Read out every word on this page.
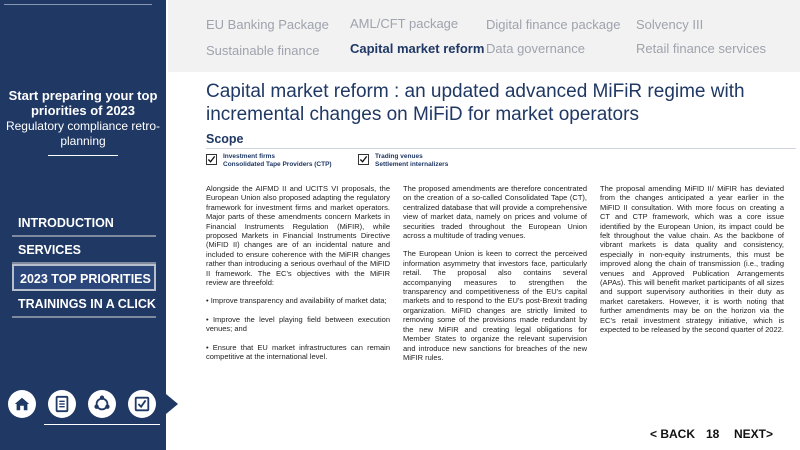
Start preparing your top priorities of 2023
Regulatory compliance retro-planning
INTRODUCTION
SERVICES
2023 TOP PRIORITIES
TRAININGS IN A CLICK
EU Banking Package AML/CFT package Digital finance package Solvency III
Sustainable finance Capital market reform Data governance	Retail finance services
Capital market reform : an updated advanced MiFiR regime with incremental changes on MiFiD for market operators
Scope
Investment firms
Consolidated Tape Providers (CTP)
Trading venues
Settlement internalizers

Alongside the AIFMD II and UCITS VI proposals, the European Union also proposed adapting the regulatory framework for investment firms and market operators. Major parts of these amendments concern Markets in Financial Instruments Regulation (MiFIR), while proposed Markets in Financial Instruments Directive (MiFID II) changes are of an incidental nature and included to ensure coherence with the MiFIR changes rather than introducing a serious overhaul of the MiFID II framework. The EC’s objectives with the MiFIR review are threefold:

• Improve transparency and availability of market data;

• Improve the level playing field between execution venues; and

• Ensure that EU market infrastructures can remain competitive at the international level.

The proposed amendments are therefore concentrated on the creation of a so-called Consolidated Tape (CT), centralized database that will provide a comprehensive view of market data, namely on prices and volume of securities traded throughout the European Union across a multitude of trading venues.

The European Union is keen to correct the perceived information asymmetry that investors face, particularly retail. The proposal also contains several accompanying measures to strengthen the transparency and competitiveness of the EU’s capital markets and to respond to the EU’s post-Brexit trading organization. MiFID changes are strictly limited to removing some of the provisions made redundant by the new MiFIR and creating legal obligations for Member States to organize the relevant supervision and introduce new sanctions for breaches of the new MiFIR rules.

The proposal amending MiFID II/ MiFIR has deviated from the changes anticipated a year earlier in the MiFID II consultation. With more focus on creating a CT and CTP framework, which was a core issue identified by the European Union, its impact could be felt throughout the value chain. As the backbone of vibrant markets is data quality and consistency, especially in non-equity instruments, this must be improved along the chain of transmission (i.e., trading venues and Approved Publication Arrangements (APAs). This will benefit market participants of all sizes and support supervisory authorities in their duty as market caretakers. However, it is worth noting that further amendments may be on the horizon via the EC’s retail investment strategy initiative, which is expected to be released by the second quarter of 2022.

< BACK 18 NEXT>
